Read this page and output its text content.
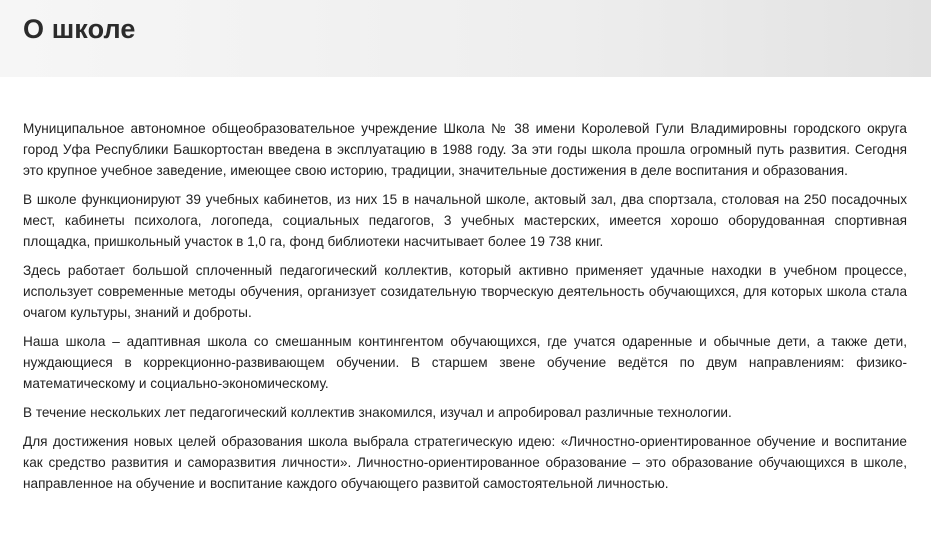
О школе

Муниципальное автономное общеобразовательное учреждение Школа № 38 имени Королевой Гули Владимировны городского округа город Уфа Республики Башкортостан введена в эксплуатацию в 1988 году. За эти годы школа прошла огромный путь развития. Сегодня это крупное учебное заведение, имеющее свою историю, традиции, значительные достижения в деле воспитания и образования.

В школе функционируют 39 учебных кабинетов, из них 15 в начальной школе, актовый зал, два спортзала, столовая на 250 посадочных мест, кабинеты психолога, логопеда, социальных педагогов, 3 учебных мастерских, имеется хорошо оборудованная спортивная площадка, пришкольный участок в 1,0 га, фонд библиотеки насчитывает более 19 738 книг.

Здесь работает большой сплоченный педагогический коллектив, который активно применяет удачные находки в учебном процессе, использует современные методы обучения, организует созидательную творческую деятельность обучающихся, для которых школа стала очагом культуры, знаний и доброты.

Наша школа – адаптивная школа со смешанным контингентом обучающихся, где учатся одаренные и обычные дети, а также дети, нуждающиеся в коррекционно-развивающем обучении. В старшем звене обучение ведётся по двум направлениям: физико-математическому и социально-экономическому.

В течение нескольких лет педагогический коллектив знакомился, изучал и апробировал различные технологии.

Для достижения новых целей образования школа выбрала стратегическую идею: «Личностно-ориентированное обучение и воспитание как средство развития и саморазвития личности». Личностно-ориентированное образование – это образование обучающихся в школе, направленное на обучение и воспитание каждого обучающего развитой самостоятельной личностью.
